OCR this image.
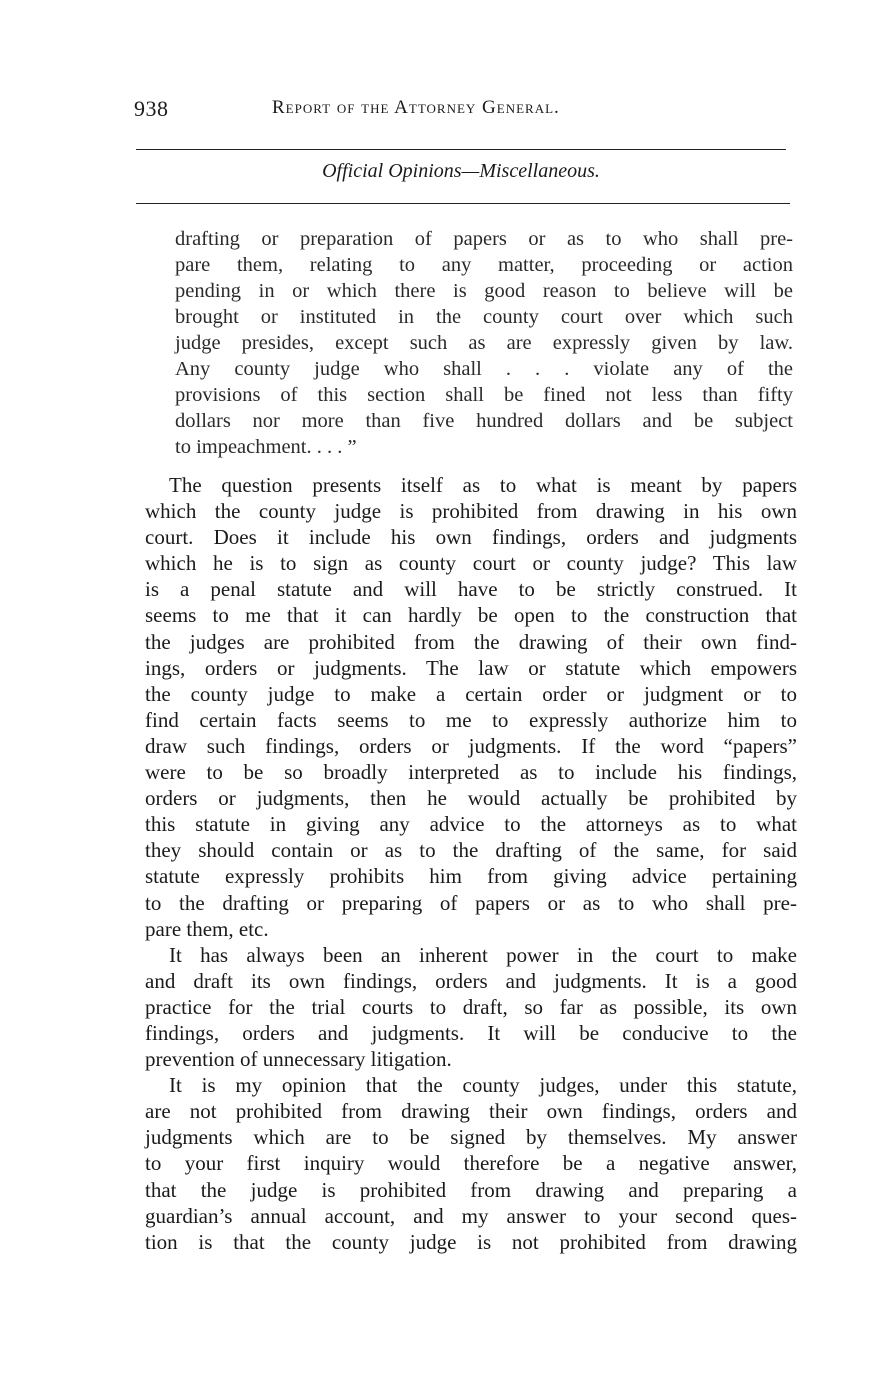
938	Report of the Attorney General.
Official Opinions—Miscellaneous.
drafting or preparation of papers or as to who shall pre-
pare them, relating to any matter, proceeding or action
pending in or which there is good reason to believe will be
brought or instituted in the county court over which such
judge presides, except such as are expressly given by law.
Any county judge who shall . . . violate any of the
provisions of this section shall be fined not less than fifty
dollars nor more than five hundred dollars and be subject
to impeachment. . . . ”
The question presents itself as to what is meant by papers
which the county judge is prohibited from drawing in his own
court. Does it include his own findings, orders and judgments
which he is to sign as county court or county judge? This law
is a penal statute and will have to be strictly construed. It
seems to me that it can hardly be open to the construction that
the judges are prohibited from the drawing of their own find-
ings, orders or judgments. The law or statute which empowers
the county judge to make a certain order or judgment or to
find certain facts seems to me to expressly authorize him to
draw such findings, orders or judgments. If the word “papers”
were to be so broadly interpreted as to include his findings,
orders or judgments, then he would actually be prohibited by
this statute in giving any advice to the attorneys as to what
they should contain or as to the drafting of the same, for said
statute expressly prohibits him from giving advice pertaining
to the drafting or preparing of papers or as to who shall pre-
pare them, etc.
It has always been an inherent power in the court to make
and draft its own findings, orders and judgments. It is a good
practice for the trial courts to draft, so far as possible, its own
findings, orders and judgments. It will be conducive to the
prevention of unnecessary litigation.
It is my opinion that the county judges, under this statute,
are not prohibited from drawing their own findings, orders and
judgments which are to be signed by themselves. My answer
to your first inquiry would therefore be a negative answer,
that the judge is prohibited from drawing and preparing a
guardian’s annual account, and my answer to your second ques-
tion is that the county judge is not prohibited from drawing
